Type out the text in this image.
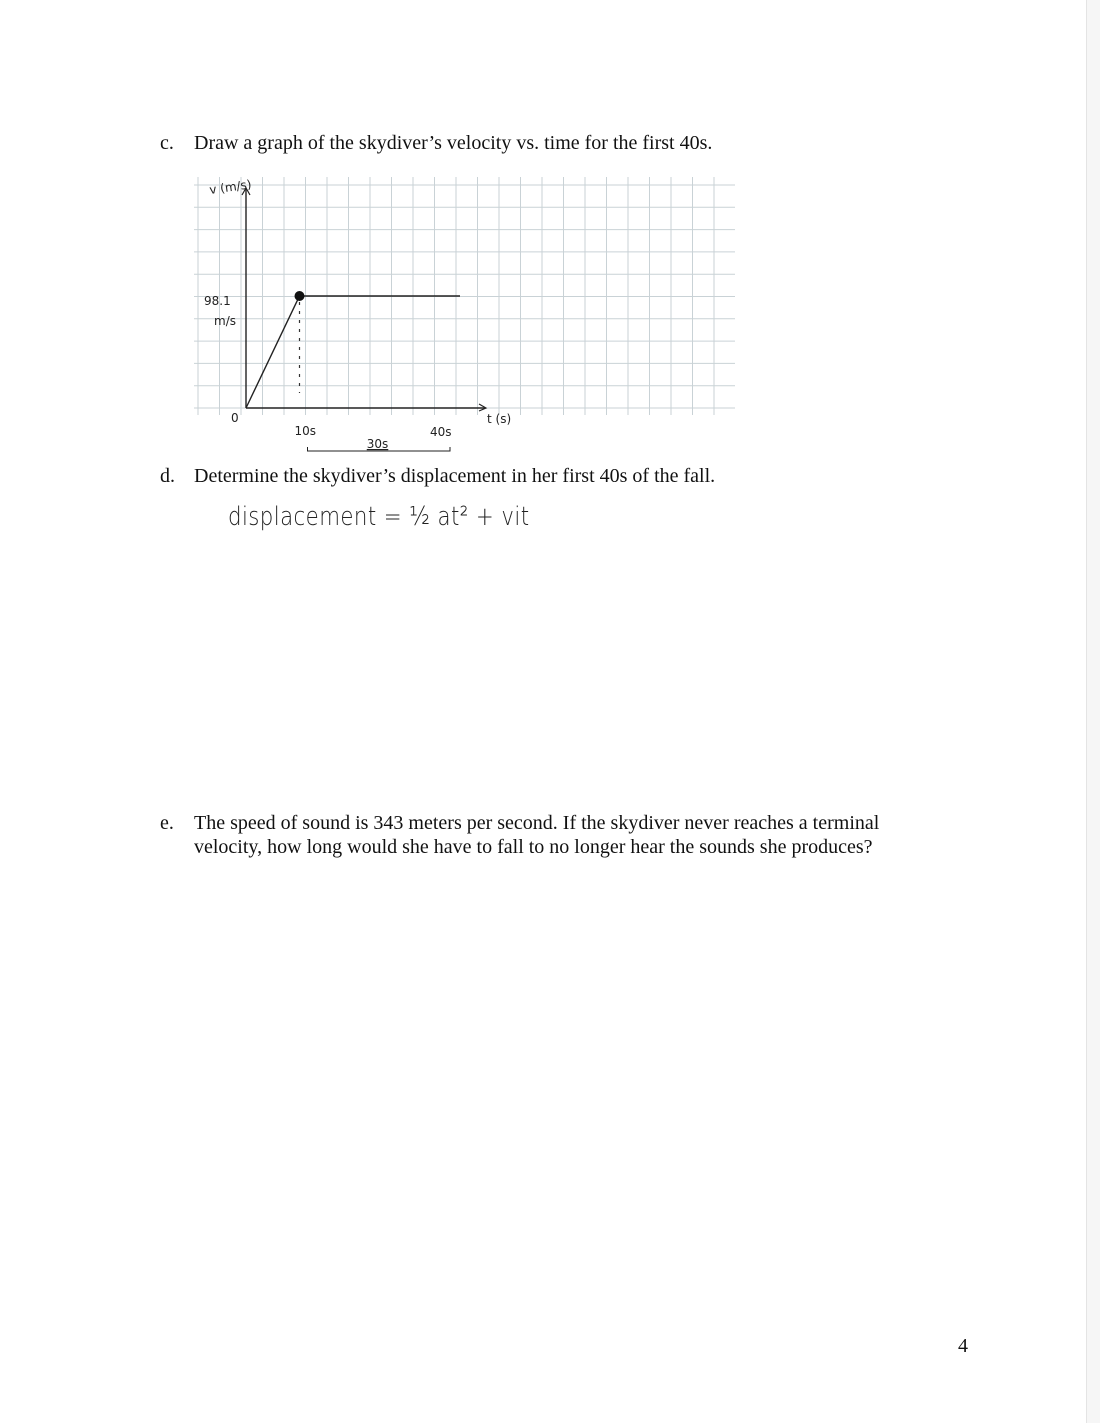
c. Draw a graph of the skydiver’s velocity vs. time for the first 40s.
v (m/s)
98.1
m/s
0	t (s)
10s	40s
30s
d. Determine the skydiver’s displacement in her first 40s of the fall.
displacement = ½ at² + vit
e. The speed of sound is 343 meters per second. If the skydiver never reaches a terminal
velocity, how long would she have to fall to no longer hear the sounds she produces?
4
